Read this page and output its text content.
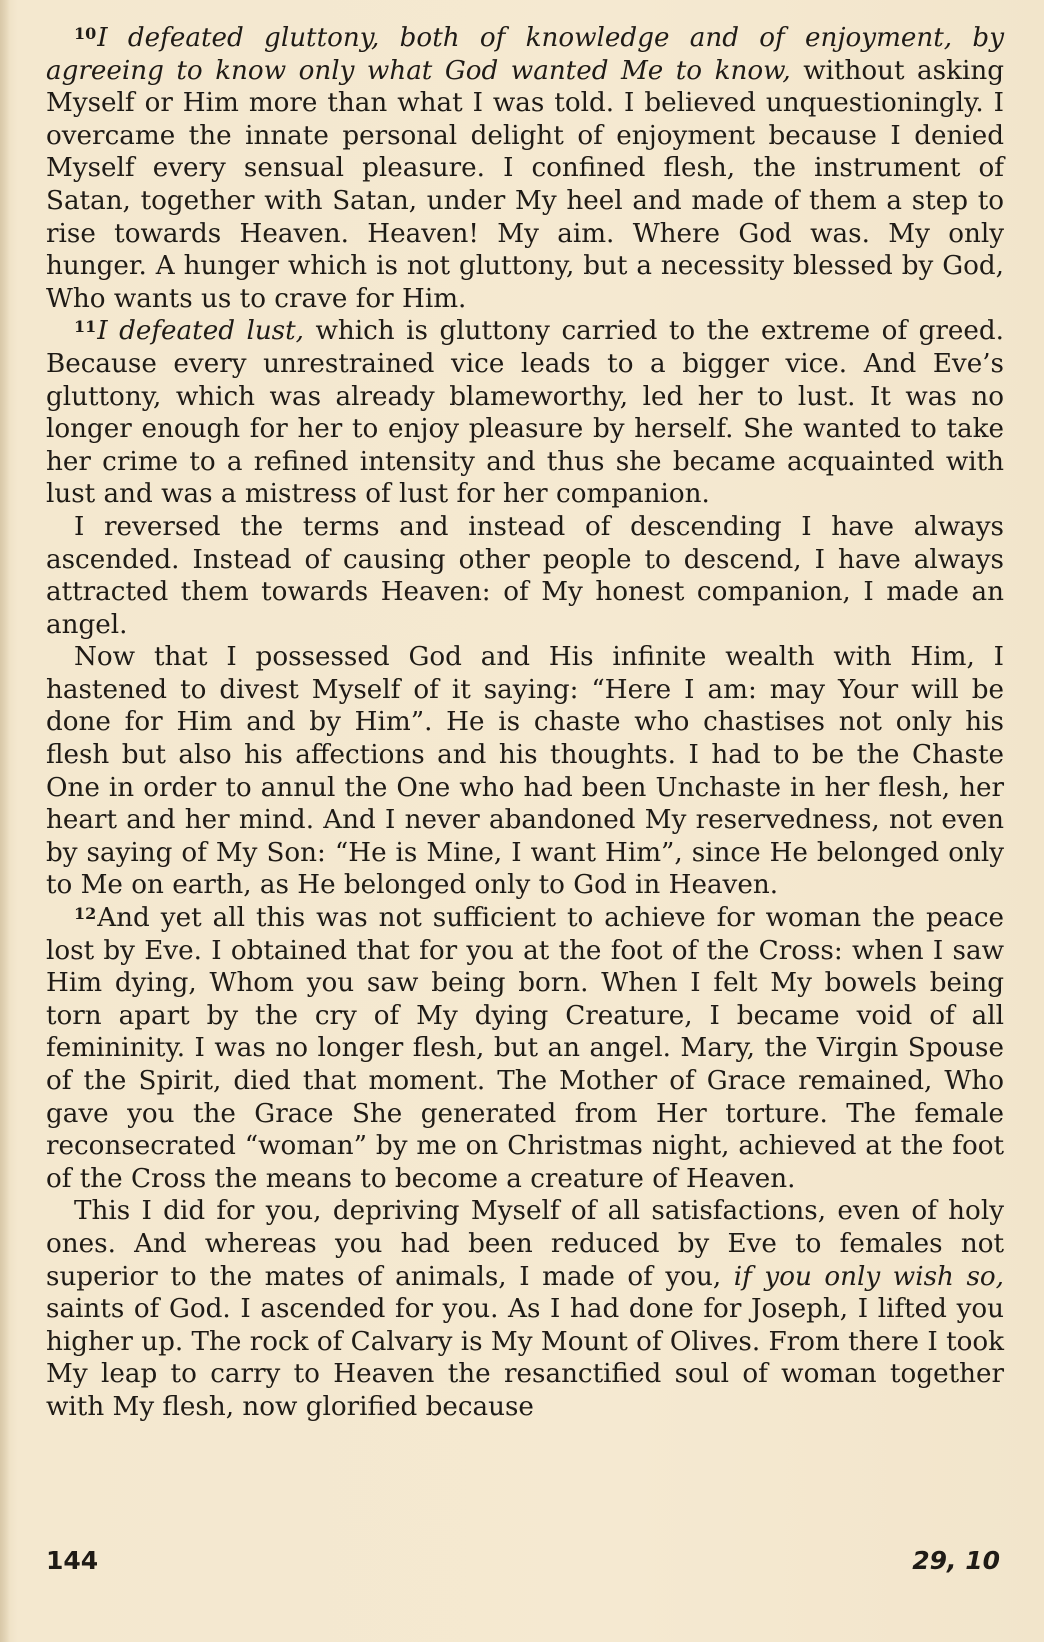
$^{10}$I defeated gluttony, both of knowledge and of enjoyment, by agreeing to know only what God wanted Me to know, without asking Myself or Him more than what I was told. I believed unquestioningly. I overcame the innate personal delight of enjoyment because I denied Myself every sensual pleasure. I confined flesh, the instrument of Satan, together with Satan, under My heel and made of them a step to rise towards Heaven. Heaven! My aim. Where God was. My only hunger. A hunger which is not gluttony, but a necessity blessed by God, Who wants us to crave for Him.

$^{11}$I defeated lust, which is gluttony carried to the extreme of greed. Because every unrestrained vice leads to a bigger vice. And Eve’s gluttony, which was already blameworthy, led her to lust. It was no longer enough for her to enjoy pleasure by herself. She wanted to take her crime to a refined intensity and thus she became acquainted with lust and was a mistress of lust for her companion.

I reversed the terms and instead of descending I have always ascended. Instead of causing other people to descend, I have always attracted them towards Heaven: of My honest companion, I made an angel.

Now that I possessed God and His infinite wealth with Him, I hastened to divest Myself of it saying: “Here I am: may Your will be done for Him and by Him”. He is chaste who chastises not only his flesh but also his affections and his thoughts. I had to be the Chaste One in order to annul the One who had been Unchaste in her flesh, her heart and her mind. And I never abandoned My reservedness, not even by saying of My Son: “He is Mine, I want Him”, since He belonged only to Me on earth, as He belonged only to God in Heaven.

$^{12}$And yet all this was not sufficient to achieve for woman the peace lost by Eve. I obtained that for you at the foot of the Cross: when I saw Him dying, Whom you saw being born. When I felt My bowels being torn apart by the cry of My dying Creature, I became void of all femininity. I was no longer flesh, but an angel. Mary, the Virgin Spouse of the Spirit, died that moment. The Mother of Grace remained, Who gave you the Grace She generated from Her torture. The female reconsecrated “woman” by me on Christmas night, achieved at the foot of the Cross the means to become a creature of Heaven.

This I did for you, depriving Myself of all satisfactions, even of holy ones. And whereas you had been reduced by Eve to females not superior to the mates of animals, I made of you, if you only wish so, saints of God. I ascended for you. As I had done for Joseph, I lifted you higher up. The rock of Calvary is My Mount of Olives. From there I took My leap to carry to Heaven the resanctified soul of woman together with My flesh, now glorified because

144	29, 10
